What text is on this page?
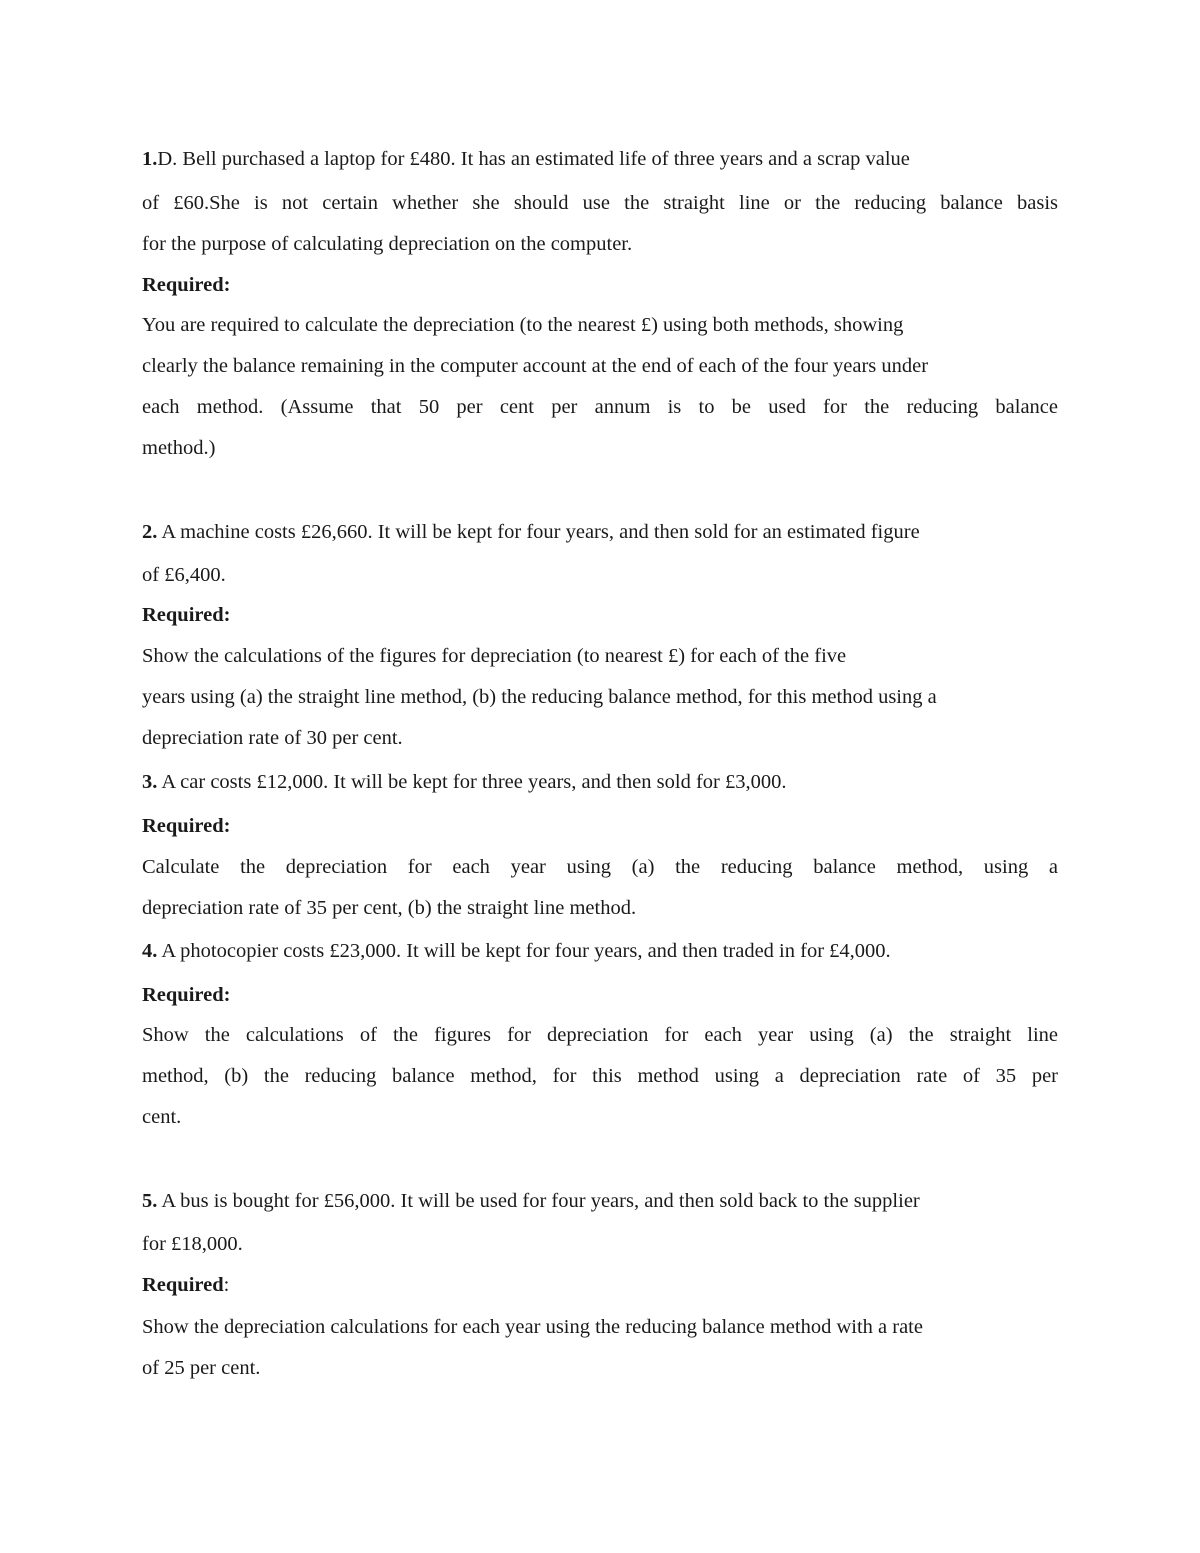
1.D. Bell purchased a laptop for £480. It has an estimated life of three years and a scrap value
of £60.She is not certain whether she should use the straight line or the reducing balance basis
for the purpose of calculating depreciation on the computer.
Required:
You are required to calculate the depreciation (to the nearest £) using both methods, showing
clearly the balance remaining in the computer account at the end of each of the four years under
each method. (Assume that 50 per cent per annum is to be used for the reducing balance
method.)
2. A machine costs £26,660. It will be kept for four years, and then sold for an estimated figure
of £6,400.
Required:
Show the calculations of the figures for depreciation (to nearest £) for each of the five
years using (a) the straight line method, (b) the reducing balance method, for this method using a
depreciation rate of 30 per cent.
3. A car costs £12,000. It will be kept for three years, and then sold for £3,000.
Required:
Calculate the depreciation for each year using (a) the reducing balance method, using a
depreciation rate of 35 per cent, (b) the straight line method.
4. A photocopier costs £23,000. It will be kept for four years, and then traded in for £4,000.
Required:
Show the calculations of the figures for depreciation for each year using (a) the straight line
method, (b) the reducing balance method, for this method using a depreciation rate of 35 per
cent.
5. A bus is bought for £56,000. It will be used for four years, and then sold back to the supplier
for £18,000.
Required:
Show the depreciation calculations for each year using the reducing balance method with a rate
of 25 per cent.
